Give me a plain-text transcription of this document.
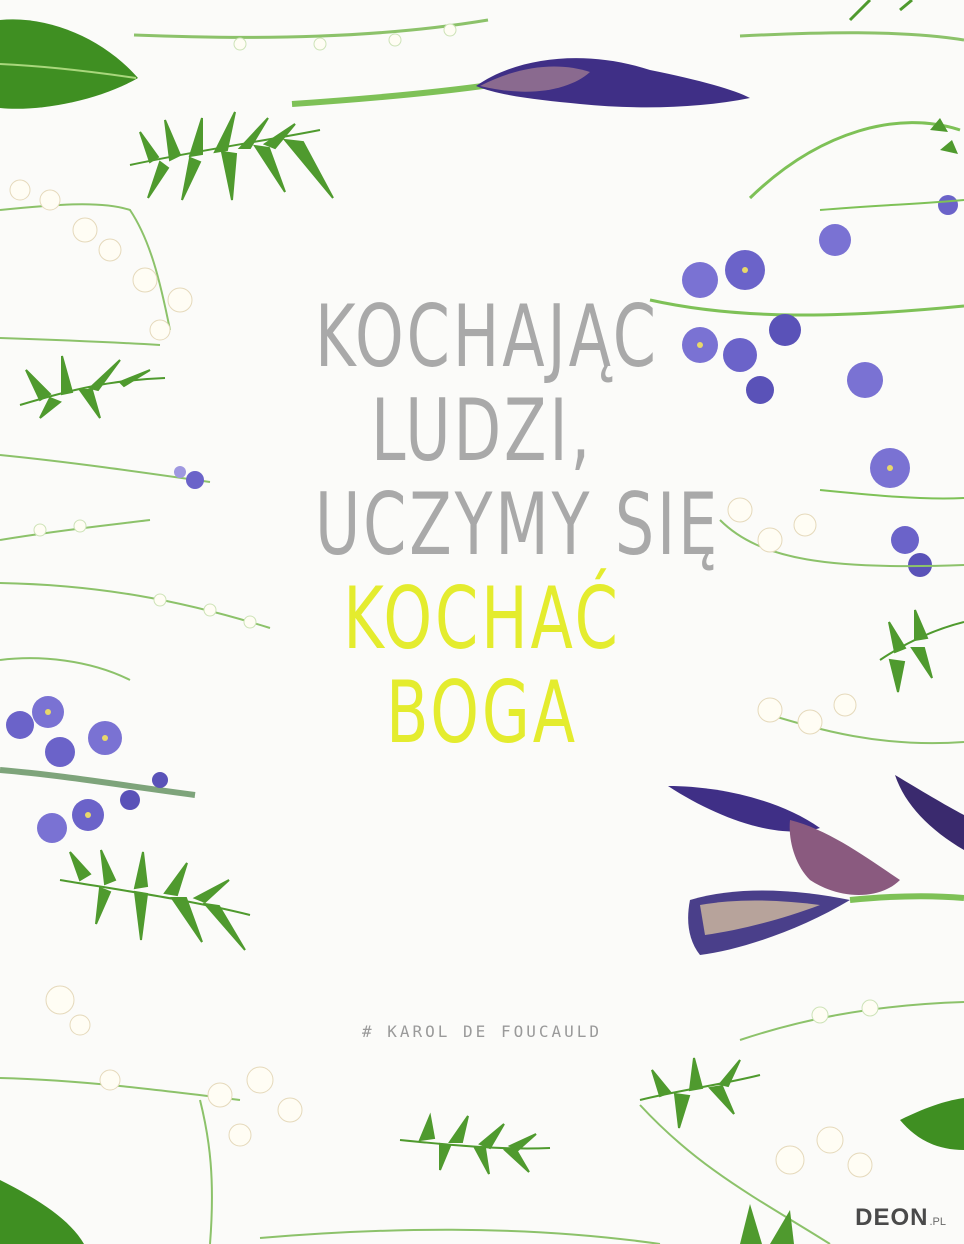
KOCHAJĄC
LUDZI,
UCZYMY SIĘ
KOCHAĆ
BOGA
# KAROL DE FOUCAULD
DEON .PL
